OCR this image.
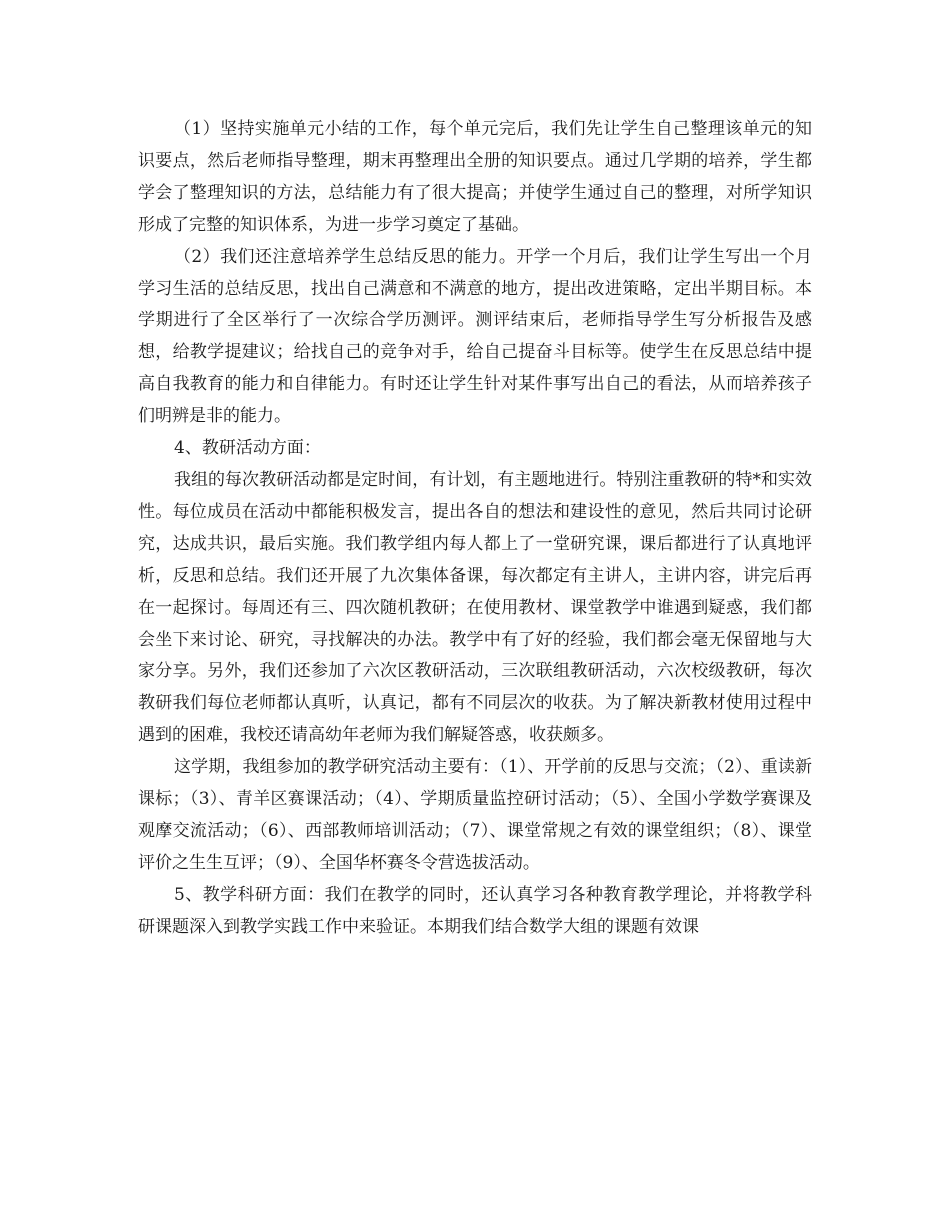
（1）坚持实施单元小结的工作，每个单元完后，我们先让学生自己整理该单元的知识要点，然后老师指导整理，期末再整理出全册的知识要点。通过几学期的培养，学生都学会了整理知识的方法，总结能力有了很大提高；并使学生通过自己的整理，对所学知识形成了完整的知识体系，为进一步学习奠定了基础。

（2）我们还注意培养学生总结反思的能力。开学一个月后，我们让学生写出一个月学习生活的总结反思，找出自己满意和不满意的地方，提出改进策略，定出半期目标。本学期进行了全区举行了一次综合学历测评。测评结束后，老师指导学生写分析报告及感想，给教学提建议；给找自己的竞争对手，给自己提奋斗目标等。使学生在反思总结中提高自我教育的能力和自律能力。有时还让学生针对某件事写出自己的看法，从而培养孩子们明辨是非的能力。

4、教研活动方面：

我组的每次教研活动都是定时间，有计划，有主题地进行。特别注重教研的特*和实效性。每位成员在活动中都能积极发言，提出各自的想法和建设性的意见，然后共同讨论研究，达成共识，最后实施。我们教学组内每人都上了一堂研究课，课后都进行了认真地评析，反思和总结。我们还开展了九次集体备课，每次都定有主讲人，主讲内容，讲完后再在一起探讨。每周还有三、四次随机教研；在使用教材、课堂教学中谁遇到疑惑，我们都会坐下来讨论、研究，寻找解决的办法。教学中有了好的经验，我们都会毫无保留地与大家分享。另外，我们还参加了六次区教研活动，三次联组教研活动，六次校级教研，每次教研我们每位老师都认真听，认真记，都有不同层次的收获。为了解决新教材使用过程中遇到的困难，我校还请高幼年老师为我们解疑答惑，收获颇多。

这学期，我组参加的教学研究活动主要有：（1）、开学前的反思与交流；（2）、重读新课标；（3）、青羊区赛课活动；（4）、学期质量监控研讨活动；（5）、全国小学数学赛课及观摩交流活动；（6）、西部教师培训活动；（7）、课堂常规之有效的课堂组织；（8）、课堂评价之生生互评；（9）、全国华杯赛冬令营选拔活动。

5、教学科研方面：我们在教学的同时，还认真学习各种教育教学理论，并将教学科研课题深入到教学实践工作中来验证。本期我们结合数学大组的课题有效课
